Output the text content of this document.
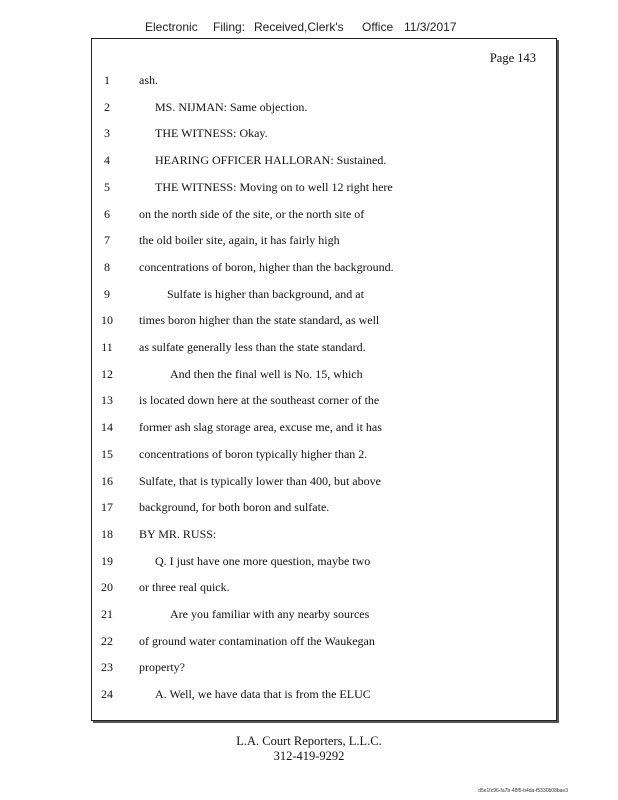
Electronic Filing: Received,Clerk's Office 11/3/2017
Page 143
1	ash.
2	MS. NIJMAN: Same objection.
3	THE WITNESS: Okay.
4	HEARING OFFICER HALLORAN: Sustained.
5	THE WITNESS: Moving on to well 12 right here
6	on the north side of the site, or the north site of
7	the old boiler site, again, it has fairly high
8	concentrations of boron, higher than the background.
9	Sulfate is higher than background, and at
10	times boron higher than the state standard, as well
11	as sulfate generally less than the state standard.
12	And then the final well is No. 15, which
13	is located down here at the southeast corner of the
14	former ash slag storage area, excuse me, and it has
15	concentrations of boron typically higher than 2.
16	Sulfate, that is typically lower than 400, but above
17	background, for both boron and sulfate.
18	BY MR. RUSS:
19	Q. I just have one more question, maybe two
20	or three real quick.
21	Are you familiar with any nearby sources
22	of ground water contamination off the Waukegan
23	property?
24	A. Well, we have data that is from the ELUC
L.A. Court Reporters, L.L.C.
312-419-9292
d5e1fc96-fa7b-48f5-b4da-f5330b08bae3
